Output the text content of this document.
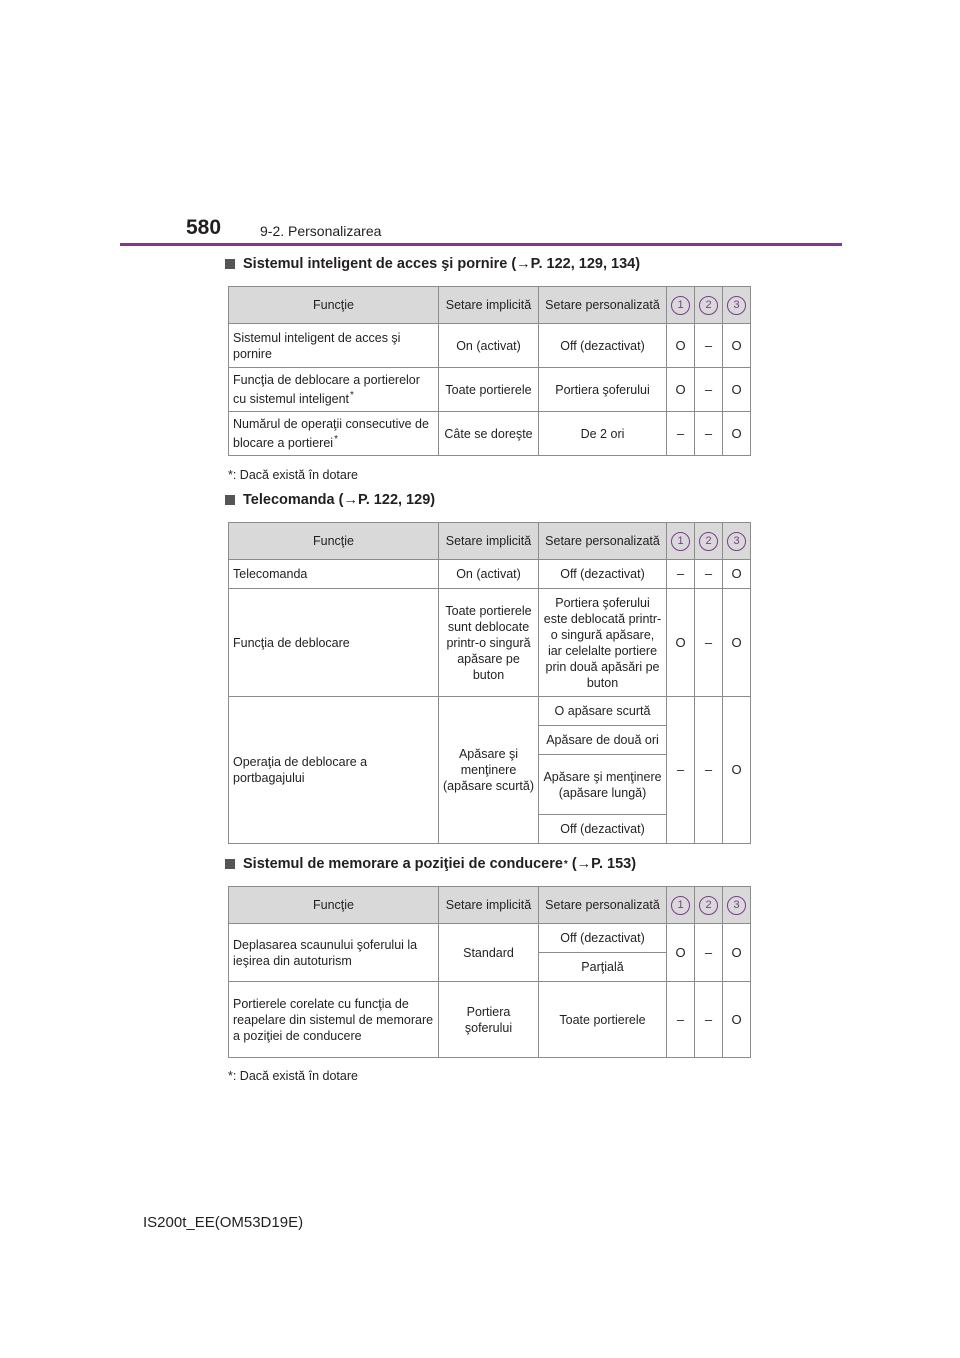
580	9-2. Personalizarea
Sistemul inteligent de acces şi pornire (→P. 122, 129, 134)
Funcţie	Setare implicită	Setare personalizată	1	2	3
Sistemul inteligent de acces şi pornire	On (activat)	Off (dezactivat)	O	–	O
Funcţia de deblocare a portierelor cu sistemul inteligent*	Toate portierele	Portiera şoferului	O	–	O
Numărul de operaţii consecutive de blocare a portierei*	Câte se doreşte	De 2 ori	–	–	O
*: Dacă există în dotare
Telecomanda (→P. 122, 129)
Funcţie	Setare implicită	Setare personalizată	1	2	3
Telecomanda	On (activat)	Off (dezactivat)	–	–	O
Funcţia de deblocare	Toate portierele sunt deblocate printr-o singură apăsare pe buton	Portiera şoferului este deblocată printr-o singură apăsare, iar celelalte portiere prin două apăsări pe buton	O	–	O
Operaţia de deblocare a portbagajului	Apăsare şi menţinere (apăsare scurtă)	O apăsare scurtă	–	–	O
		Apăsare de două ori			
		Apăsare şi menţinere (apăsare lungă)			
		Off (dezactivat)			
Sistemul de memorare a poziţiei de conducere *
(→P. 153)
Funcţie	Setare implicită	Setare personalizată	1	2	3
Deplasarea scaunului şoferului la ieşirea din autoturism	Standard	Off (dezactivat)	O	–	O
		Parţială			
Portierele corelate cu funcţia de reapelare din sistemul de memorare a poziţiei de conducere	Portiera şoferului	Toate portierele	–	–	O
*: Dacă există în dotare
IS200t_EE(OM53D19E)
